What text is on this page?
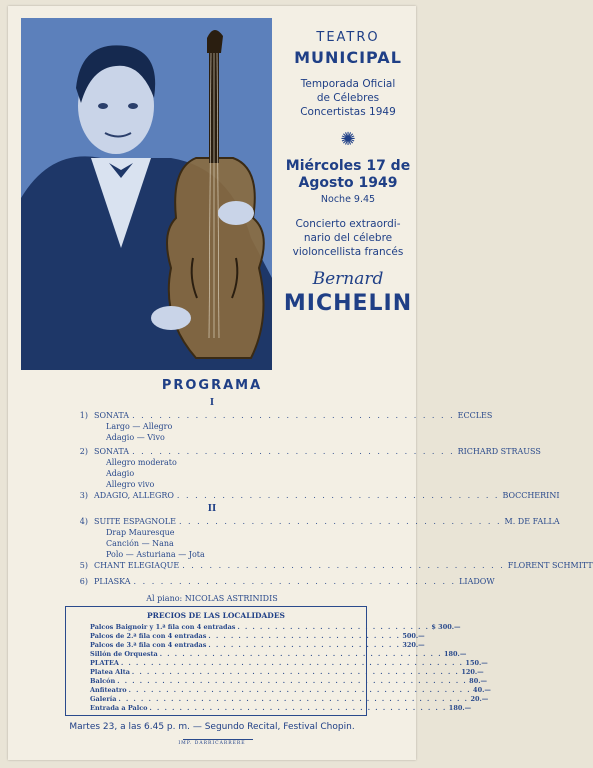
TEATRO
MUNICIPAL
Temporada Oficial
de Célebres
Concertistas 1949
✺
Miércoles 17 de
Agosto 1949
Noche 9.45
Concierto extraordi-
nario del célebre
violoncellista francés
Bernard
MICHELIN
PROGRAMA
I
1) SONATA . . . . . . . . . . . . . . . . . . . . . . . . . . . . . . . . . . . . ECCLES
Largo — Allegro
Adagio — Vivo
2) SONATA . . . . . . . . . . . . . . . . . . . . . . . . . . . . . . . . . . . . RICHARD STRAUSS
Allegro moderato
Adagio
Allegro vivo
3) ADAGIO, ALLEGRO . . . . . . . . . . . . . . . . . . . . . . . . . . . . . . . . . . . . BOCCHERINI
II
4) SUITE ESPAGNOLE . . . . . . . . . . . . . . . . . . . . . . . . . . . . . . . . . . . . M. DE FALLA
Drap Mauresque
Canción — Nana
Polo — Asturiana — Jota
5) CHANT ELEGIAQUE . . . . . . . . . . . . . . . . . . . . . . . . . . . . . . . . . . . . FLORENT SCHMITT
6) PLIASKA . . . . . . . . . . . . . . . . . . . . . . . . . . . . . . . . . . . . LIADOW
Al piano: NICOLAS ASTRINIDIS
PRECIOS DE LAS LOCALIDADES
Palcos Baignoir y 1.ª fila con 4 entradas . . . . . . . . . . . . . . . . . . . . . . . . . . $ 300.—
Palcos de 2.ª fila con 4 entradas . . . . . . . . . . . . . . . . . . . . . . . . . . 500.—
Palcos de 3.ª fila con 4 entradas . . . . . . . . . . . . . . . . . . . . . . . . . . 320.—
Sillón de Orquesta . . . . . . . . . . . . . . . . . . . . . . . . . . . . . . . . . . . . . . 180.—
PLATEA . . . . . . . . . . . . . . . . . . . . . . . . . . . . . . . . . . . . . . . . . . . . . . 150.—
Platea Alta . . . . . . . . . . . . . . . . . . . . . . . . . . . . . . . . . . . . . . . . . . . . 120.—
Balcón . . . . . . . . . . . . . . . . . . . . . . . . . . . . . . . . . . . . . . . . . . . . . . . 80.—
Anfiteatro . . . . . . . . . . . . . . . . . . . . . . . . . . . . . . . . . . . . . . . . . . . . . . 40.—
Galería . . . . . . . . . . . . . . . . . . . . . . . . . . . . . . . . . . . . . . . . . . . . . . . 20.—
Entrada a Palco . . . . . . . . . . . . . . . . . . . . . . . . . . . . . . . . . . . . . . . . 180.—
Martes 23, a las 6.45 p. m. — Segundo Recital, Festival Chopin.
IMP. DARRICARRERE
